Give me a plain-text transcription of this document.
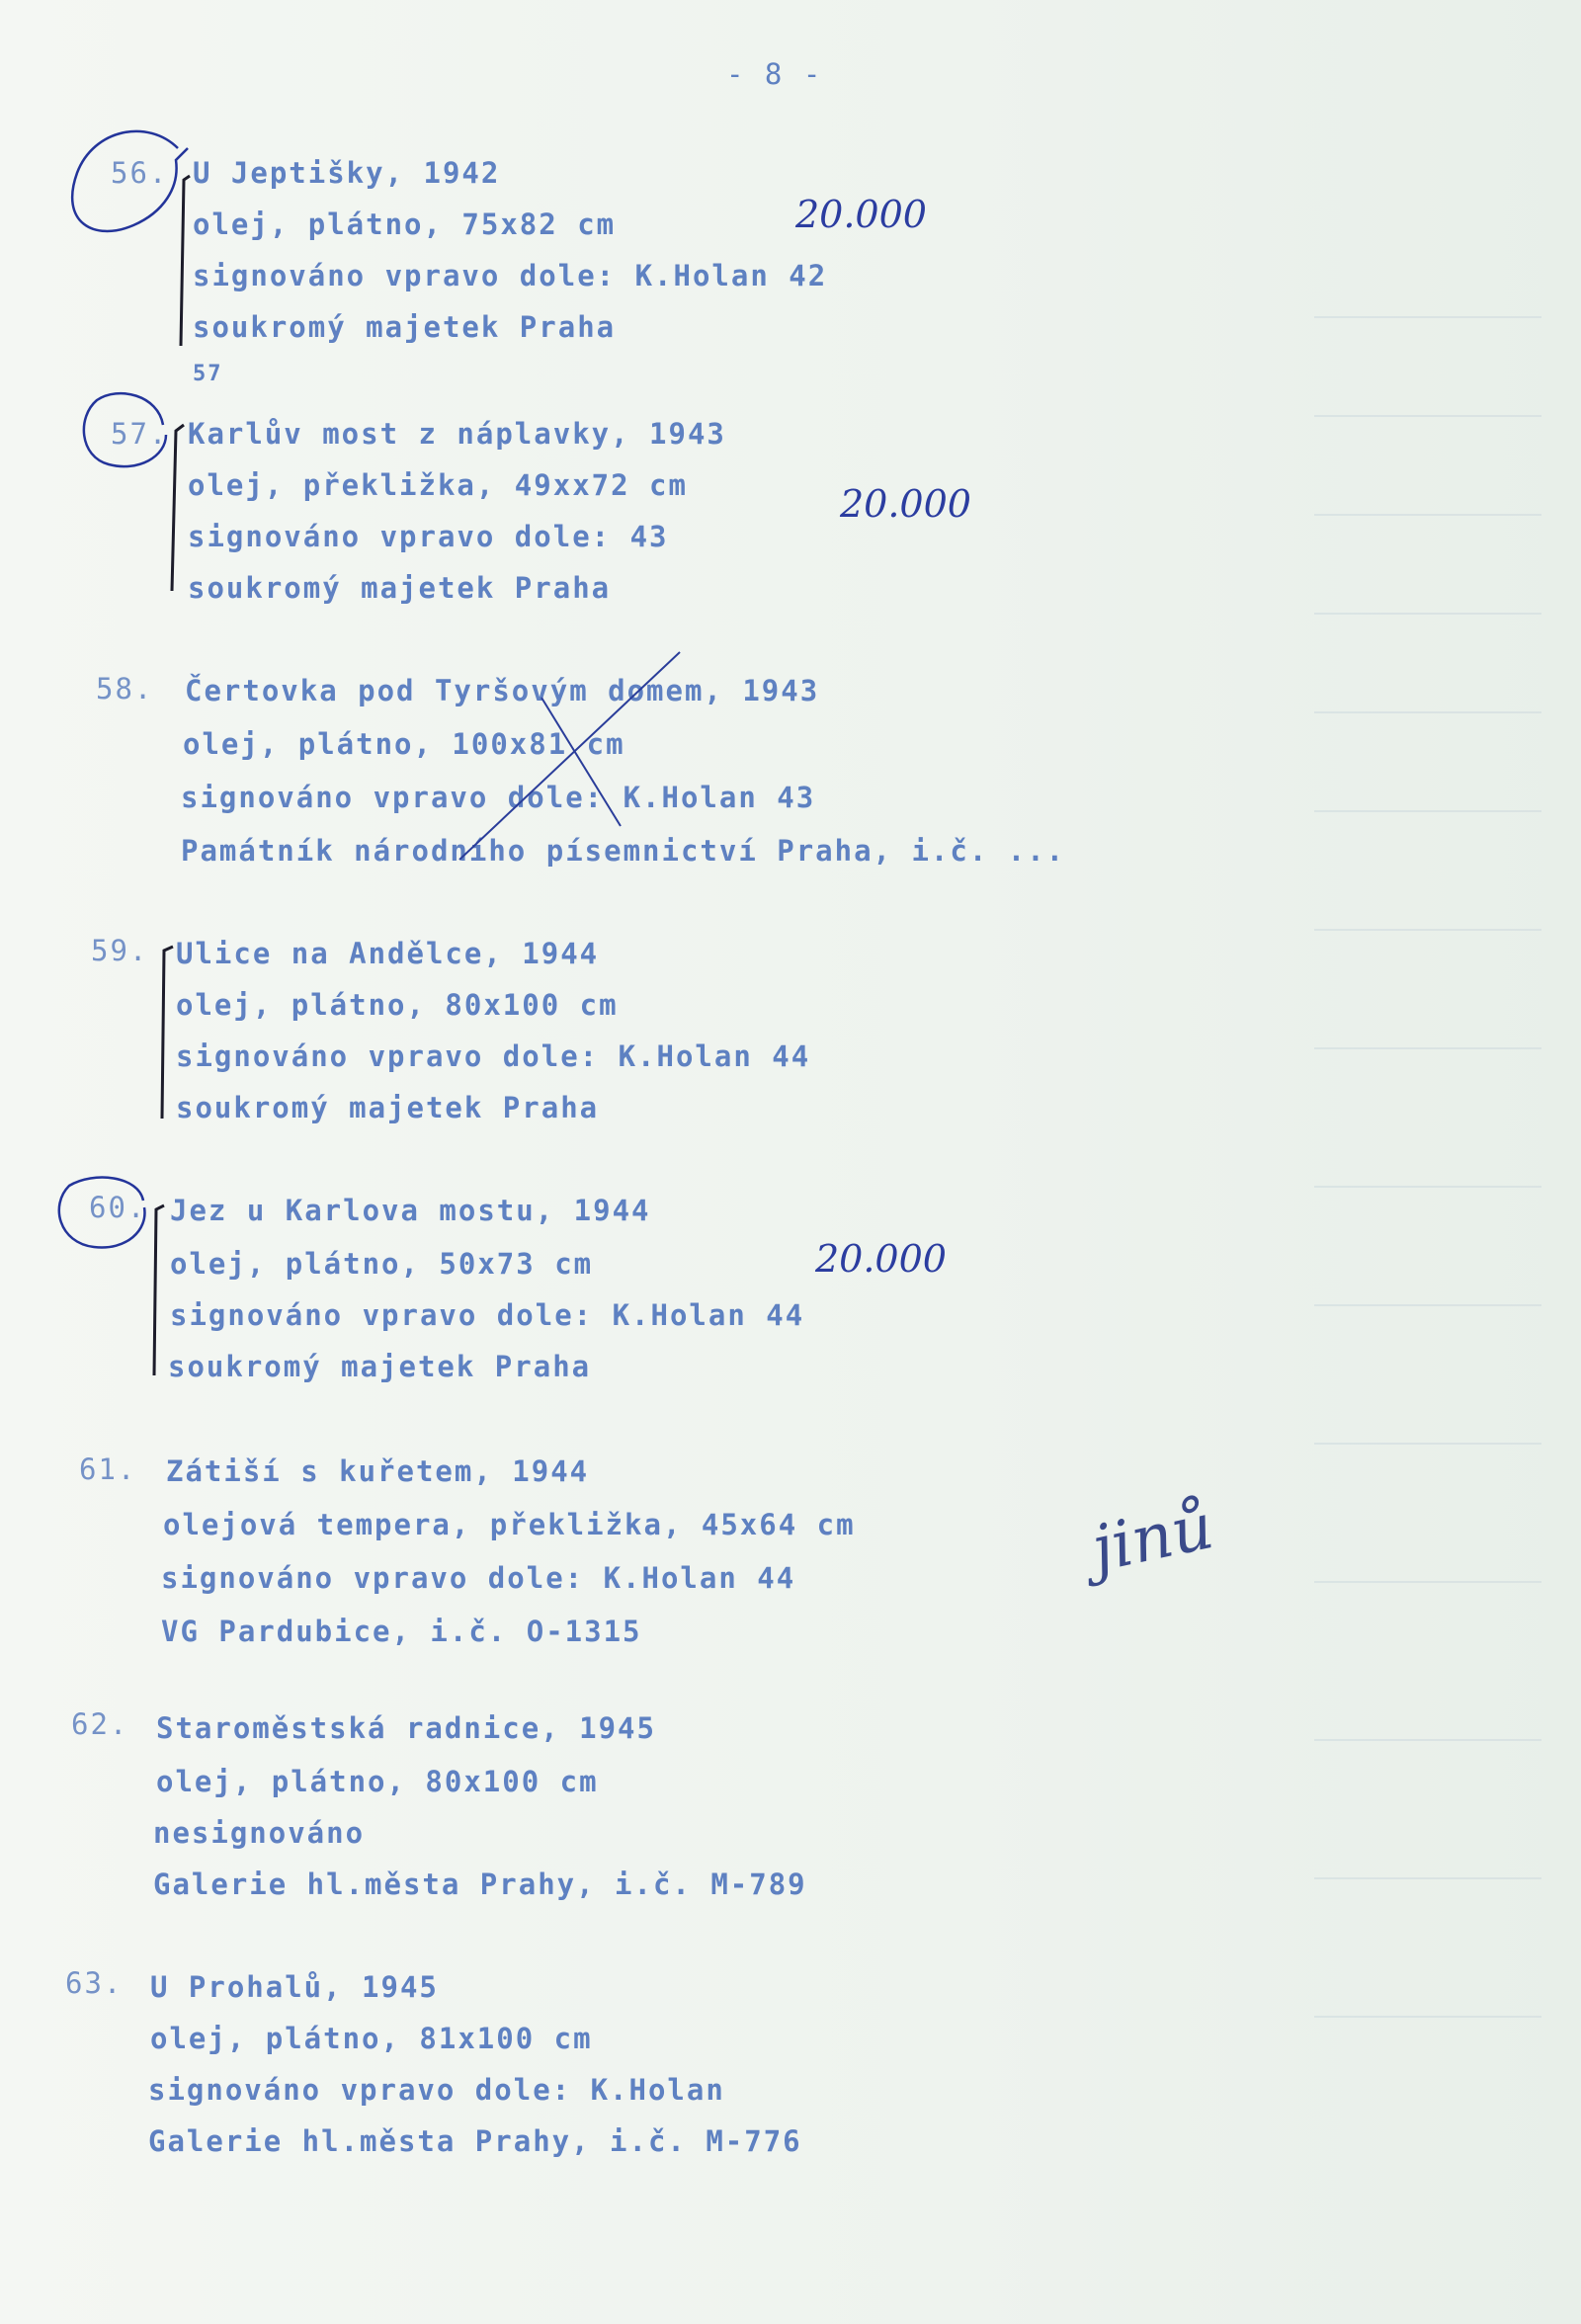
- 8 -
56. U Jeptišky, 1942
olej, plátno, 75x82 cm
signováno vpravo dole: K.Holan 42
soukromý majetek Praha
57
20.000
57. Karlův most z náplavky, 1943
olej, překližka, 49xx72 cm
signováno vpravo dole: 43
soukromý majetek Praha
20.000
58. Čertovka pod Tyršovým domem, 1943
olej, plátno, 100x81 cm
signováno vpravo dole: K.Holan 43
Památník národního písemnictví Praha, i.č. ...
59. Ulice na Andělce, 1944
olej, plátno, 80x100 cm
signováno vpravo dole: K.Holan 44
soukromý majetek Praha
60. Jez u Karlova mostu, 1944
olej, plátno, 50x73 cm
signováno vpravo dole: K.Holan 44
soukromý majetek Praha
20.000
61. Zátiší s kuřetem, 1944
olejová tempera, překližka, 45x64 cm
signováno vpravo dole: K.Holan 44
VG Pardubice, i.č. O-1315
jinů
62. Staroměstská radnice, 1945
olej, plátno, 80x100 cm
nesignováno
Galerie hl.města Prahy, i.č. M-789
63. U Prohalů, 1945
olej, plátno, 81x100 cm
signováno vpravo dole: K.Holan
Galerie hl.města Prahy, i.č. M-776
